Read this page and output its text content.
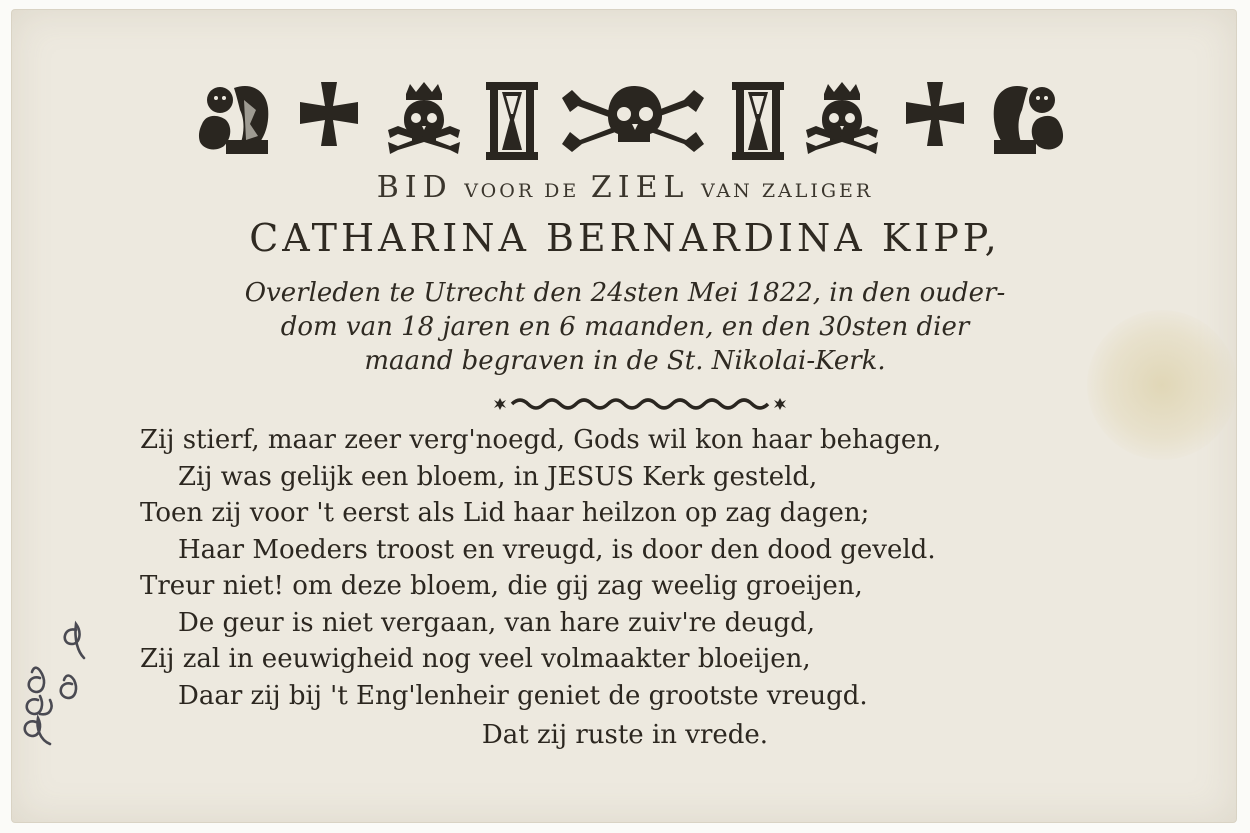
BID VOOR DE ZIEL VAN ZALIGER
CATHARINA BERNARDINA KIPP,
Overleden te Utrecht den 24sten Mei 1822, in den ouder-
dom van 18 jaren en 6 maanden, en den 30sten dier
maand begraven in de St. Nikolai-Kerk.
Zij stierf, maar zeer verg'noegd, Gods wil kon haar behagen,
Zij was gelijk een bloem, in JESUS Kerk gesteld,
Toen zij voor 't eerst als Lid haar heilzon op zag dagen;
Haar Moeders troost en vreugd, is door den dood geveld.
Treur niet! om deze bloem, die gij zag weelig groeijen,
De geur is niet vergaan, van hare zuiv're deugd,
Zij zal in eeuwigheid nog veel volmaakter bloeijen,
Daar zij bij 't Eng'lenheir geniet de grootste vreugd.
Dat zij ruste in vrede.
